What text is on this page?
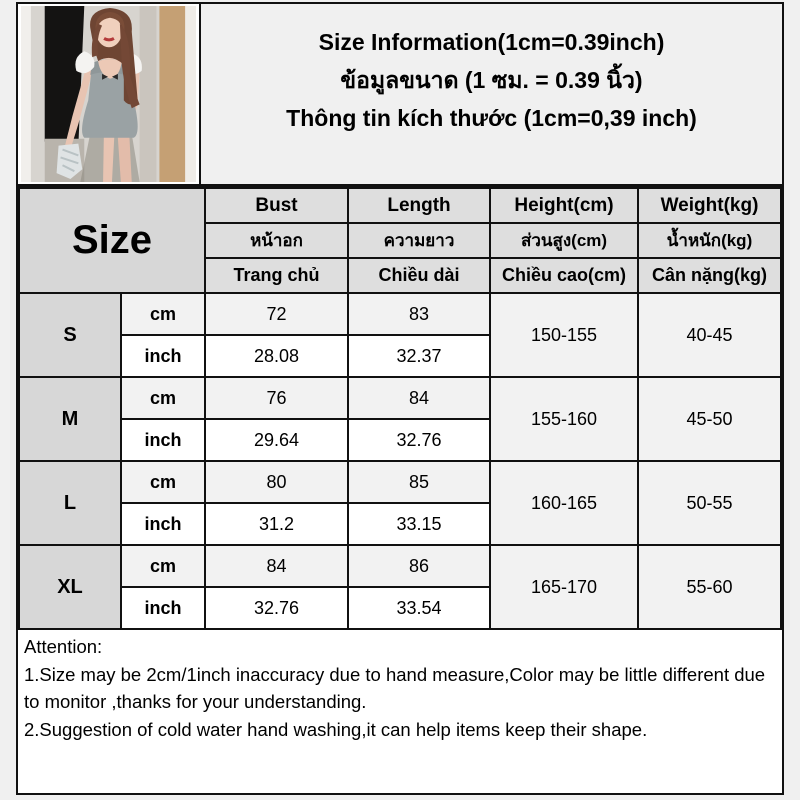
Size Information(1cm=0.39inch)
ข้อมูลขนาด (1 ซม. = 0.39 นิ้ว)
Thông tin kích thước (1cm=0,39 inch)
Size		Bust	Length	Height(cm)	Weight(kg)
		หน้าอก	ความยาว	ส่วนสูง(cm)	น้ำหนัก(kg)
		Trang chủ	Chiều dài	Chiều cao(cm)	Cân nặng(kg)
S	cm	72	83	150-155	40-45
	inch	28.08	32.37		
M	cm	76	84	155-160	45-50
	inch	29.64	32.76		
L	cm	80	85	160-165	50-55
	inch	31.2	33.15		
XL	cm	84	86	165-170	55-60
	inch	32.76	33.54		
Attention:
1.Size may be 2cm/1inch inaccuracy due to hand measure,Color may be little different due to monitor ,thanks for your understanding.
2.Suggestion of cold water hand washing,it can help items keep their shape.
